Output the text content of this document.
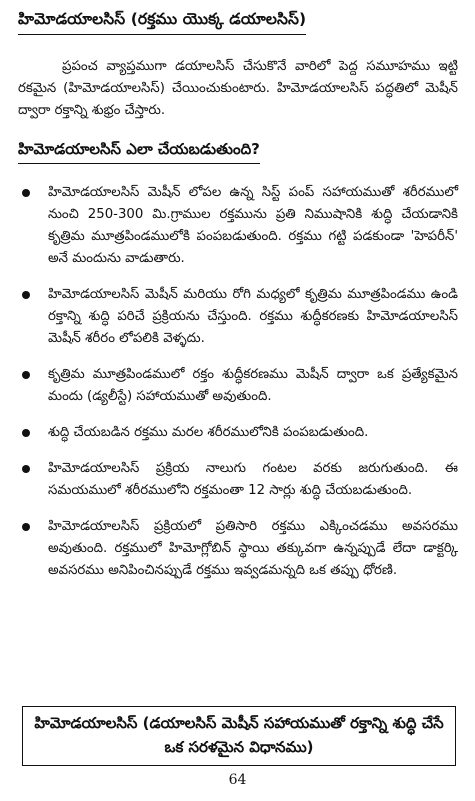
హిమోడయాలసిస్ (రక్తము యొక్క డయాలసిస్)

ప్రపంచ వ్యాప్తముగా డయాలసిస్ చేసుకొనే వారిలో పెద్ద సమూహము ఇట్టి రకమైన (హిమోడయాలసిస్) చేయించుకుంటారు. హిమోడయాలసిస్ పద్ధతిలో మెషీన్ ద్వారా రక్తాన్ని శుభ్రం చేస్తారు.

హిమోడయాలసిస్ ఎలా చేయబడుతుంది?
హిమోడయాలసిస్ మెషీన్ లోపల ఉన్న సిస్ట్ పంప్ సహాయముతో శరీరములో నుంచి 250-300 మి.గ్రాముల రక్తమును ప్రతి నిముషానికి శుద్ధి చేయడానికి కృత్రిమ మూత్రపిండములోకి పంపబడుతుంది. రక్తము గట్టి పడకుండా 'హెపరీన్' అనే మందును వాడుతారు.
హిమోడయాలసిస్ మెషీన్ మరియు రోగి మధ్యలో కృత్రిమ మూత్రపిండము ఉండి రక్తాన్ని శుద్ధి పరిచే ప్రక్రియను చేస్తుంది. రక్తము శుద్ధీకరణకు హిమోడయాలసిస్ మెషీన్ శరీరం లోపలికి వెళ్ళదు.
కృత్రిమ మూత్రపిండములో రక్తం శుద్ధీకరణము మెషీన్ ద్వారా ఒక ప్రత్యేకమైన మందు (డ్యలీస్టే) సహాయముతో అవుతుంది.
శుద్ధి చేయబడిన రక్తము మరల శరీరములోనికి పంపబడుతుంది.
హిమోడయాలసిస్ ప్రక్రియ నాలుగు గంటల వరకు జరుగుతుంది. ఈ సమయములో శరీరములోని రక్తమంతా 12 సార్లు శుద్ధి చేయబడుతుంది.
హిమోడయాలసిస్ ప్రక్రియలో ప్రతిసారి రక్తము ఎక్కించడము అవసరము అవుతుంది. రక్తములో హిమోగ్లోబిన్ స్థాయి తక్కువగా ఉన్నప్పుడే లేదా డాక్టర్కి అవసరము అనిపించినప్పుడే రక్తము ఇవ్వడమన్నది ఒక తప్పు ధోరణి.
హిమోడయాలసిస్ (డయాలసిస్ మెషీన్ సహాయముతో రక్తాన్ని శుద్ధి చేసే ఒక సరళమైన విధానము)
64
